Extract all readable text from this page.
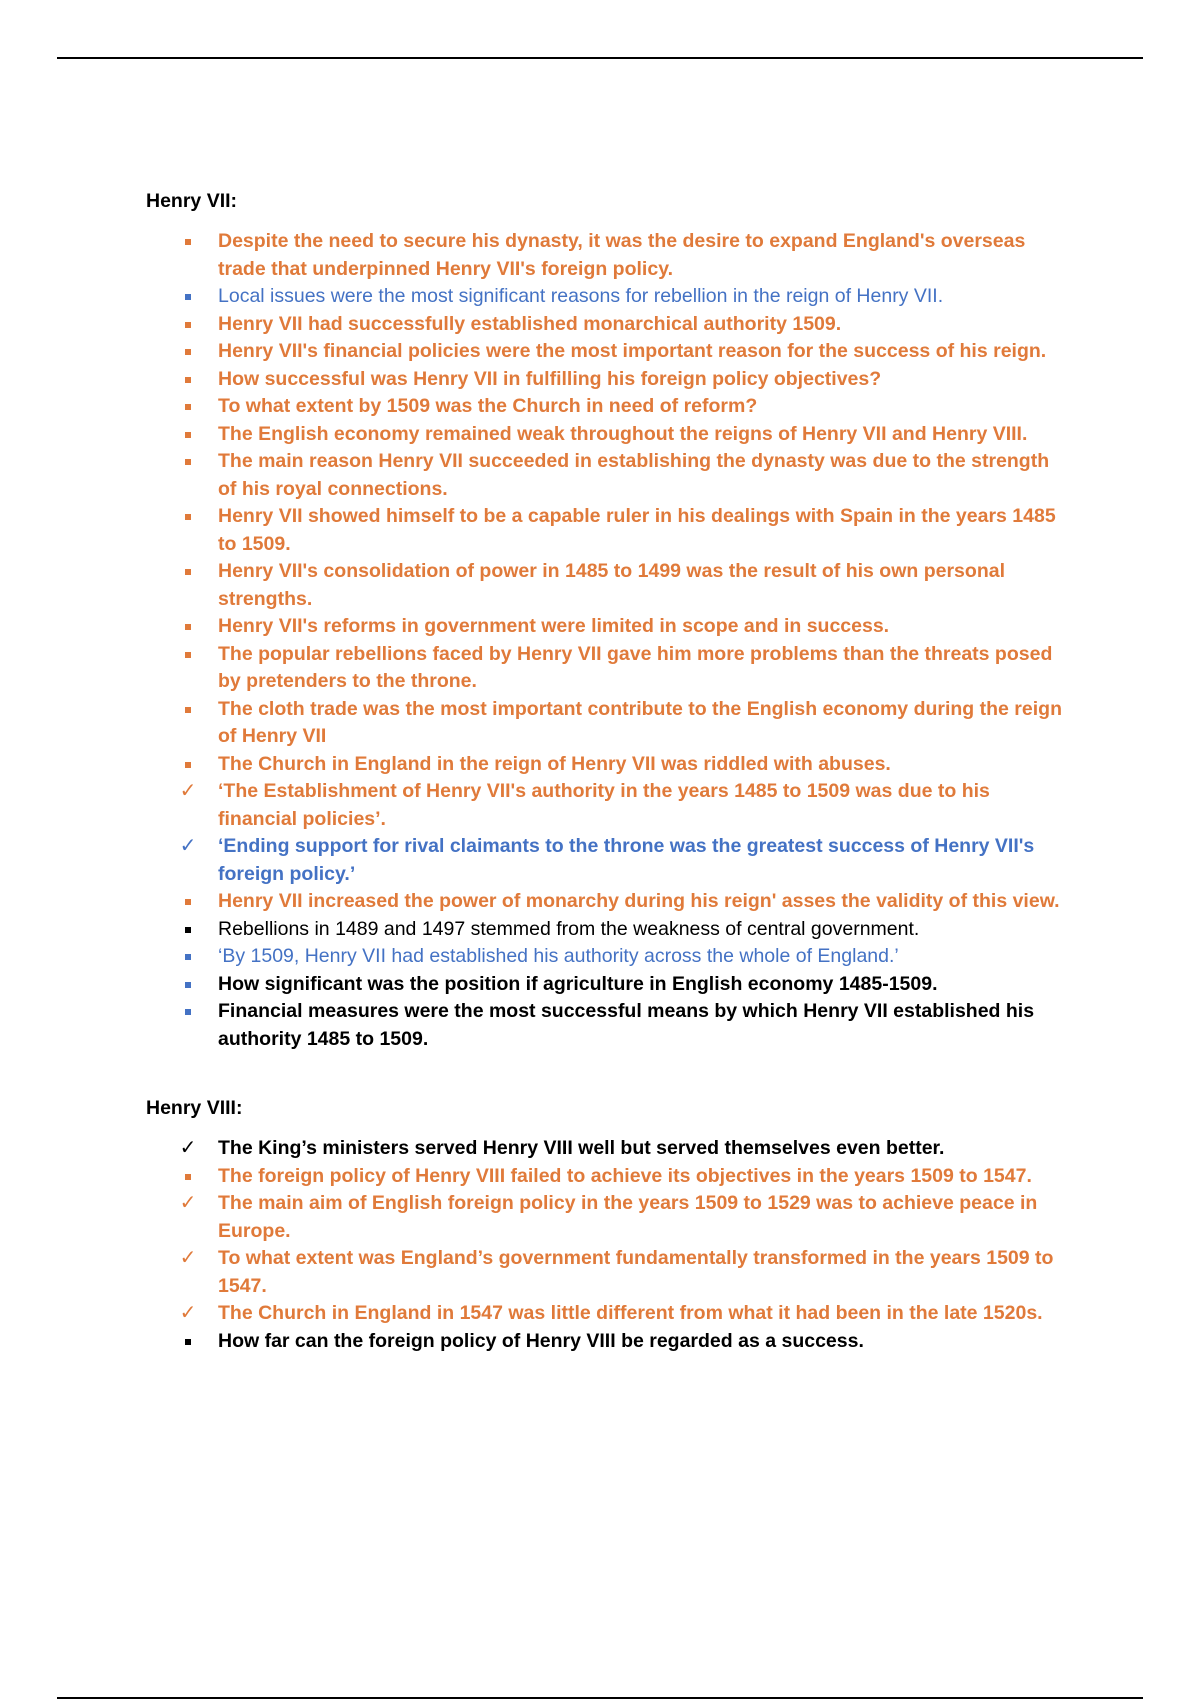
Henry VII:
Despite the need to secure his dynasty, it was the desire to expand England's overseas trade that underpinned Henry VII's foreign policy.
Local issues were the most significant reasons for rebellion in the reign of Henry VII.
Henry VII had successfully established monarchical authority 1509.
Henry VII's financial policies were the most important reason for the success of his reign.
How successful was Henry VII in fulfilling his foreign policy objectives?
To what extent by 1509 was the Church in need of reform?
The English economy remained weak throughout the reigns of Henry VII and Henry VIII.
The main reason Henry VII succeeded in establishing the dynasty was due to the strength of his royal connections.
Henry VII showed himself to be a capable ruler in his dealings with Spain in the years 1485 to 1509.
Henry VII's consolidation of power in 1485 to 1499 was the result of his own personal strengths.
Henry VII's reforms in government were limited in scope and in success.
The popular rebellions faced by Henry VII gave him more problems than the threats posed by pretenders to the throne.
The cloth trade was the most important contribute to the English economy during the reign of Henry VII
The Church in England in the reign of Henry VII was riddled with abuses.
✓ ‘The Establishment of Henry VII's authority in the years 1485 to 1509 was due to his financial policies’.
✓ ‘Ending support for rival claimants to the throne was the greatest success of Henry VII's foreign policy.’
Henry VII increased the power of monarchy during his reign' asses the validity of this view.
Rebellions in 1489 and 1497 stemmed from the weakness of central government.
‘By 1509, Henry VII had established his authority across the whole of England.’
How significant was the position if agriculture in English economy 1485-1509.
Financial measures were the most successful means by which Henry VII established his authority 1485 to 1509.
Henry VIII:
✓ The King’s ministers served Henry VIII well but served themselves even better.
The foreign policy of Henry VIII failed to achieve its objectives in the years 1509 to 1547.
✓ The main aim of English foreign policy in the years 1509 to 1529 was to achieve peace in Europe.
✓ To what extent was England’s government fundamentally transformed in the years 1509 to 1547.
✓ The Church in England in 1547 was little different from what it had been in the late 1520s.
How far can the foreign policy of Henry VIII be regarded as a success.
